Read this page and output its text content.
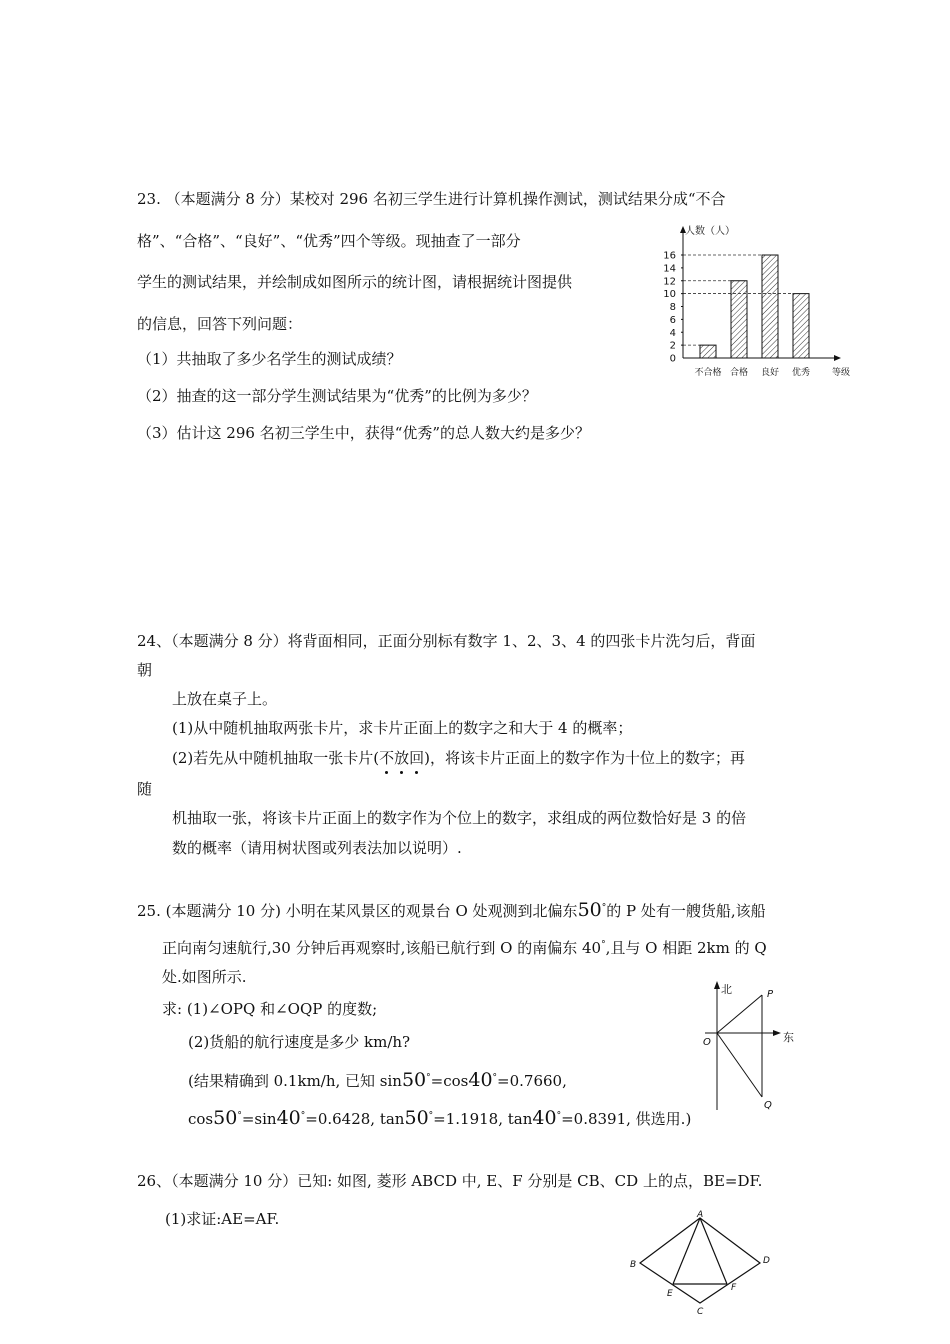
23. （本题满分 8 分）某校对 296 名初三学生进行计算机操作测试，测试结果分成“不合
格”、“合格”、“良好”、“优秀”四个等级。现抽查了一部分
学生的测试结果，并绘制成如图所示的统计图，请根据统计图提供
的信息，回答下列问题：
（1）共抽取了多少名学生的测试成绩？
（2）抽查的这一部分学生测试结果为“优秀”的比例为多少？
（3）估计这 296 名初三学生中，获得“优秀”的总人数大约是多少？
人数（人）
等级
0
2
4
6
8
10
12
14
16
不合格 合格 良好 优秀
24、（本题满分 8 分）将背面相同，正面分别标有数字 1、2、3、4 的四张卡片洗匀后，背面
朝
上放在桌子上。
(1)从中随机抽取两张卡片，求卡片正面上的数字之和大于 4 的概率；
(2)若先从中随机抽取一张卡片(不放回)，将该卡片正面上的数字作为十位上的数字；再
随
机抽取一张，将该卡片正面上的数字作为个位上的数字，求组成的两位数恰好是 3 的倍
数的概率（请用树状图或列表法加以说明）.
25. (本题满分 10 分) 小明在某风景区的观景台 O 处观测到北偏东50°的 P 处有一艘货船,该船
正向南匀速航行,30 分钟后再观察时,该船已航行到 O 的南偏东 40°,且与 O 相距 2km 的 Q
处.如图所示.
求: (1)∠OPQ 和∠OQP 的度数;
(2)货船的航行速度是多少 km/h?
(结果精确到 0.1km/h, 已知 sin50°=cos40°=0.7660,
cos50°=sin40°=0.6428, tan50°=1.1918, tan40°=0.8391, 供选用.)
北
东
O
P
Q
26、（本题满分 10 分）已知: 如图, 菱形 ABCD 中, E、F 分别是 CB、CD 上的点，BE=DF.
(1)求证:AE=AF.	A
B
C
D
E
F
